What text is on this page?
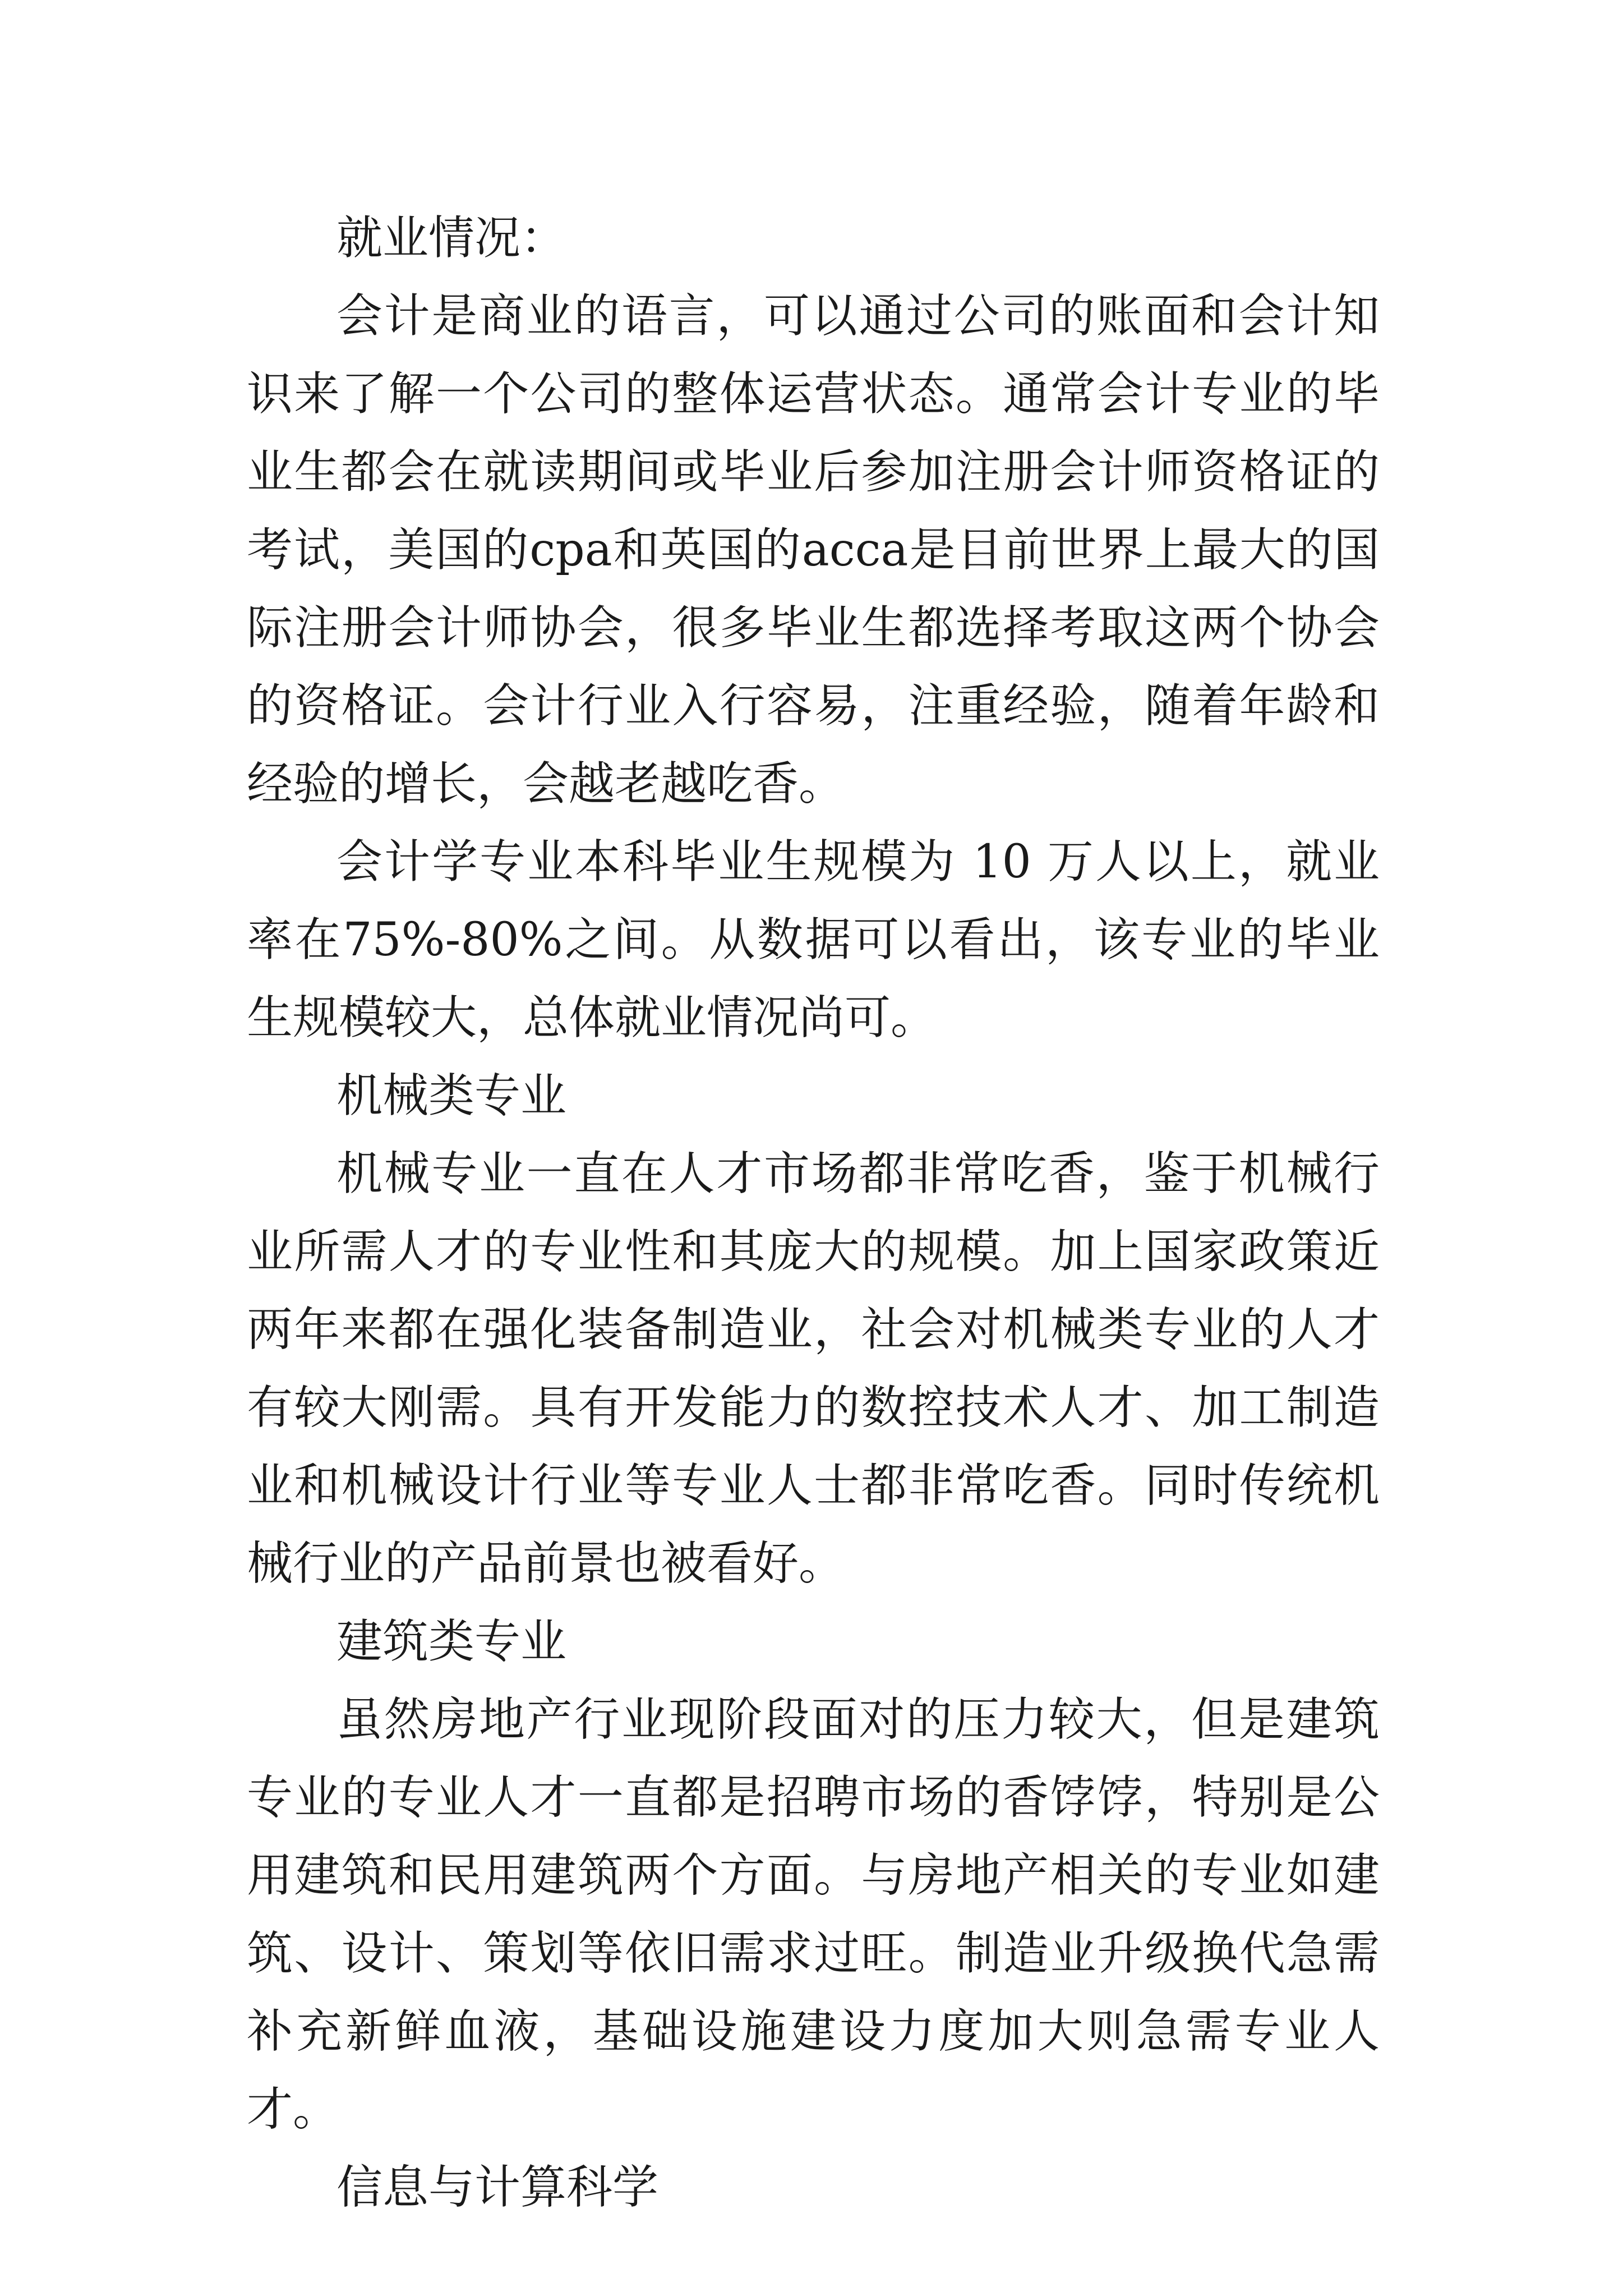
就业情况：

会计是商业的语言，可以通过公司的账面和会计知识来了解一个公司的整体运营状态。通常会计专业的毕业生都会在就读期间或毕业后参加注册会计师资格证的考试，美国的cpa和英国的acca是目前世界上最大的国际注册会计师协会，很多毕业生都选择考取这两个协会的资格证。会计行业入行容易，注重经验，随着年龄和经验的增长，会越老越吃香。

会计学专业本科毕业生规模为 10 万人以上，就业率在75%-80%之间。从数据可以看出，该专业的毕业生规模较大，总体就业情况尚可。

机械类专业

机械专业一直在人才市场都非常吃香，鉴于机械行业所需人才的专业性和其庞大的规模。加上国家政策近两年来都在强化装备制造业，社会对机械类专业的人才有较大刚需。具有开发能力的数控技术人才、加工制造业和机械设计行业等专业人士都非常吃香。同时传统机械行业的产品前景也被看好。

建筑类专业

虽然房地产行业现阶段面对的压力较大，但是建筑专业的专业人才一直都是招聘市场的香饽饽，特别是公用建筑和民用建筑两个方面。与房地产相关的专业如建筑、设计、策划等依旧需求过旺。制造业升级换代急需补充新鲜血液，基础设施建设力度加大则急需专业人才。

信息与计算科学
